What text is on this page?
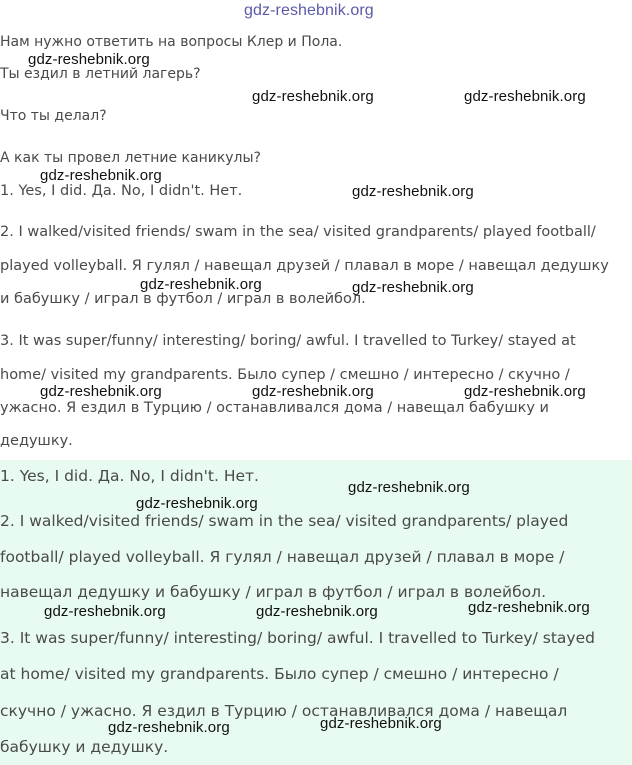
gdz-reshebnik.org
Нам нужно ответить на вопросы Клер и Пола.
Ты ездил в летний лагерь?
Что ты делал?
А как ты провел летние каникулы?
1. Yes, I did. Да. No, I didn't. Нет.
2. I walked/visited friends/ swam in the sea/ visited grandparents/ played football/
played volleyball. Я гулял / навещал друзей / плавал в море / навещал дедушку
и бабушку / играл в футбол / играл в волейбол.
3. It was super/funny/ interesting/ boring/ awful. I travelled to Turkey/ stayed at
home/ visited my grandparents. Было супер / смешно / интересно / скучно /
ужасно. Я ездил в Турцию / останавливался дома / навещал бабушку и
дедушку.
1. Yes, I did. Да. No, I didn't. Нет.
2. I walked/visited friends/ swam in the sea/ visited grandparents/ played
football/ played volleyball. Я гулял / навещал друзей / плавал в море /
навещал дедушку и бабушку / играл в футбол / играл в волейбол.
3. It was super/funny/ interesting/ boring/ awful. I travelled to Turkey/ stayed
at home/ visited my grandparents. Было супер / смешно / интересно /
скучно / ужасно. Я ездил в Турцию / останавливался дома / навещал
бабушку и дедушку.
gdz-reshebnik.org
gdz-reshebnik.org	gdz-reshebnik.org
gdz-reshebnik.org
gdz-reshebnik.org
gdz-reshebnik.org	gdz-reshebnik.org
gdz-reshebnik.org	gdz-reshebnik.org	gdz-reshebnik.org
gdz-reshebnik.org
gdz-reshebnik.org
gdz-reshebnik.org	gdz-reshebnik.org	gdz-reshebnik.org
gdz-reshebnik.org	gdz-reshebnik.org
